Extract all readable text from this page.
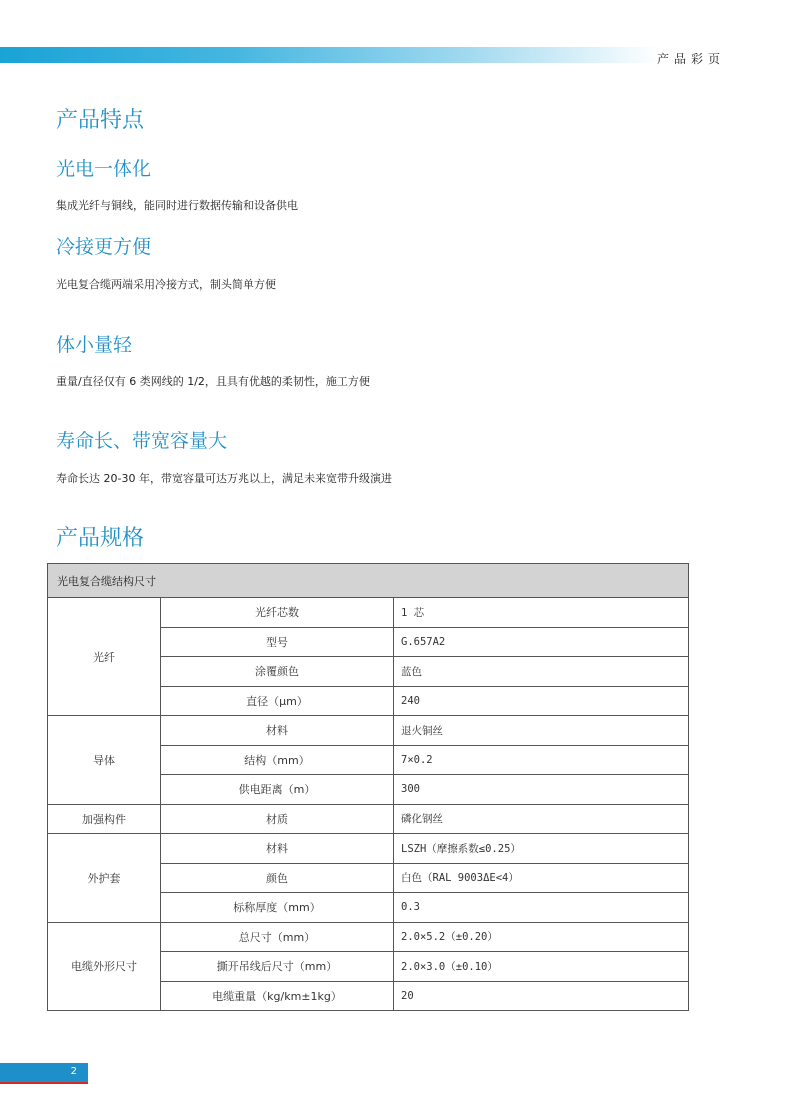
产品彩页
产品特点
光电一体化

集成光纤与铜线，能同时进行数据传输和设备供电

冷接更方便

光电复合缆两端采用冷接方式，制头简单方便

体小量轻

重量/直径仅有 6 类网线的 1/2，且具有优越的柔韧性，施工方便

寿命长、带宽容量大

寿命长达 20-30 年，带宽容量可达万兆以上，满足未来宽带升级演进

产品规格
光电复合缆结构尺寸		
光纤	光纤芯数	1 芯
	型号	G.657A2
	涂覆颜色	蓝色
	直径（μm）	240
导体	材料	退火铜丝
	结构（mm）	7×0.2
	供电距离（m）	300
加强构件	材质	磷化钢丝
外护套	材料	LSZH（摩擦系数≤0.25）
	颜色	白色（RAL 9003ΔE<4）
	标称厚度（mm）	0.3
电缆外形尺寸	总尺寸（mm）	2.0×5.2（±0.20）
	撕开吊线后尺寸（mm）	2.0×3.0（±0.10）
	电缆重量（kg/km±1kg）	20
2
